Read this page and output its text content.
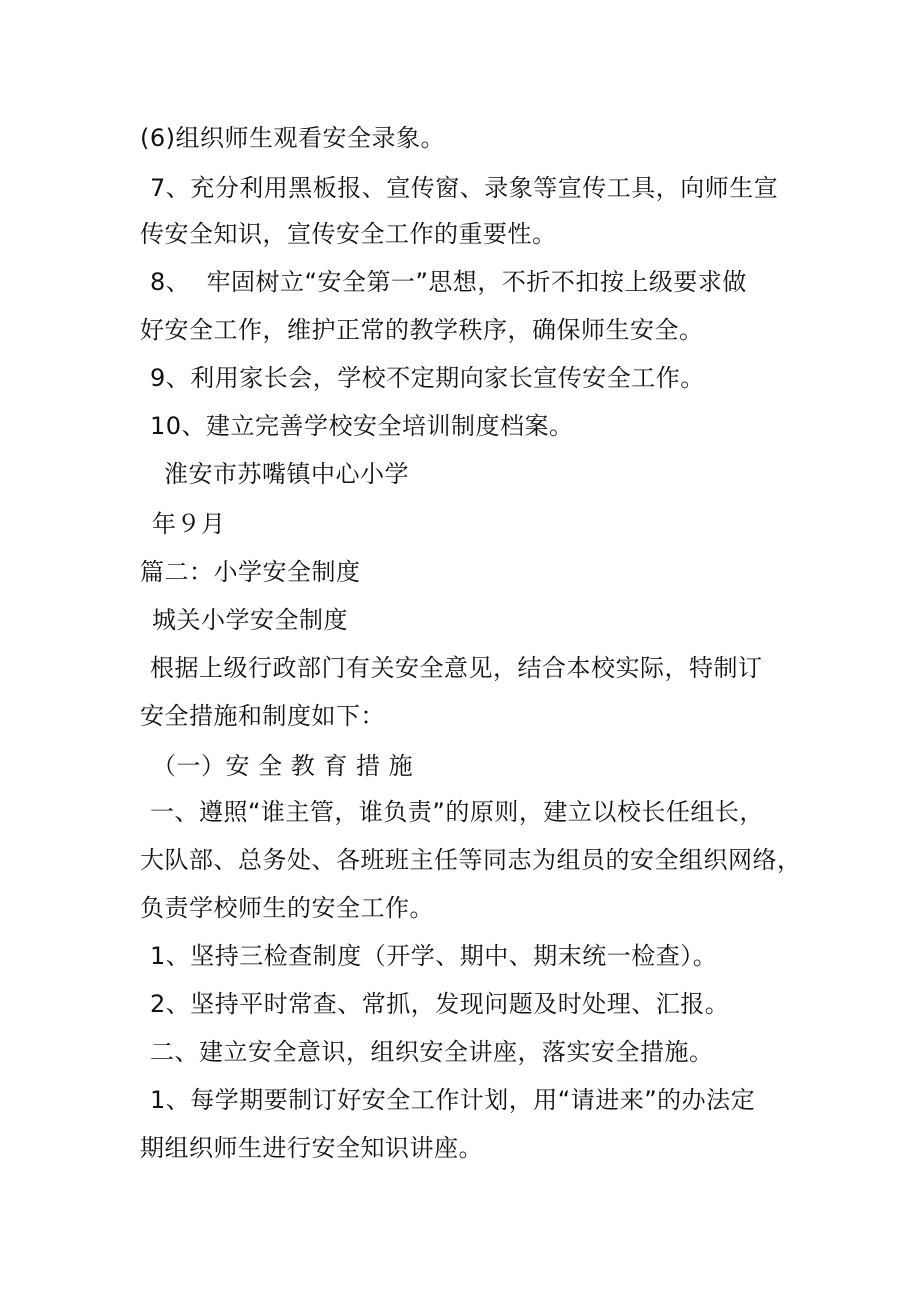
(6)组织师生观看安全录象。
7、充分利用黑板报、宣传窗、录象等宣传工具，向师生宣
传安全知识，宣传安全工作的重要性。
8、  牢固树立“安全第一”思想，不折不扣按上级要求做
好安全工作，维护正常的教学秩序，确保师生安全。
9、利用家长会，学校不定期向家长宣传安全工作。
10、建立完善学校安全培训制度档案。
淮安市苏嘴镇中心小学
年９月
篇二：小学安全制度
城关小学安全制度
根据上级行政部门有关安全意见，结合本校实际，特制订
安全措施和制度如下：
（一）安 全 教 育 措 施
一、遵照“谁主管，谁负责”的原则，建立以校长任组长，
大队部、总务处、各班班主任等同志为组员的安全组织网络，
负责学校师生的安全工作。
1、坚持三检查制度（开学、期中、期末统一检查）。
2、坚持平时常查、常抓，发现问题及时处理、汇报。
二、建立安全意识，组织安全讲座，落实安全措施。
1、每学期要制订好安全工作计划，用“请进来”的办法定
期组织师生进行安全知识讲座。
